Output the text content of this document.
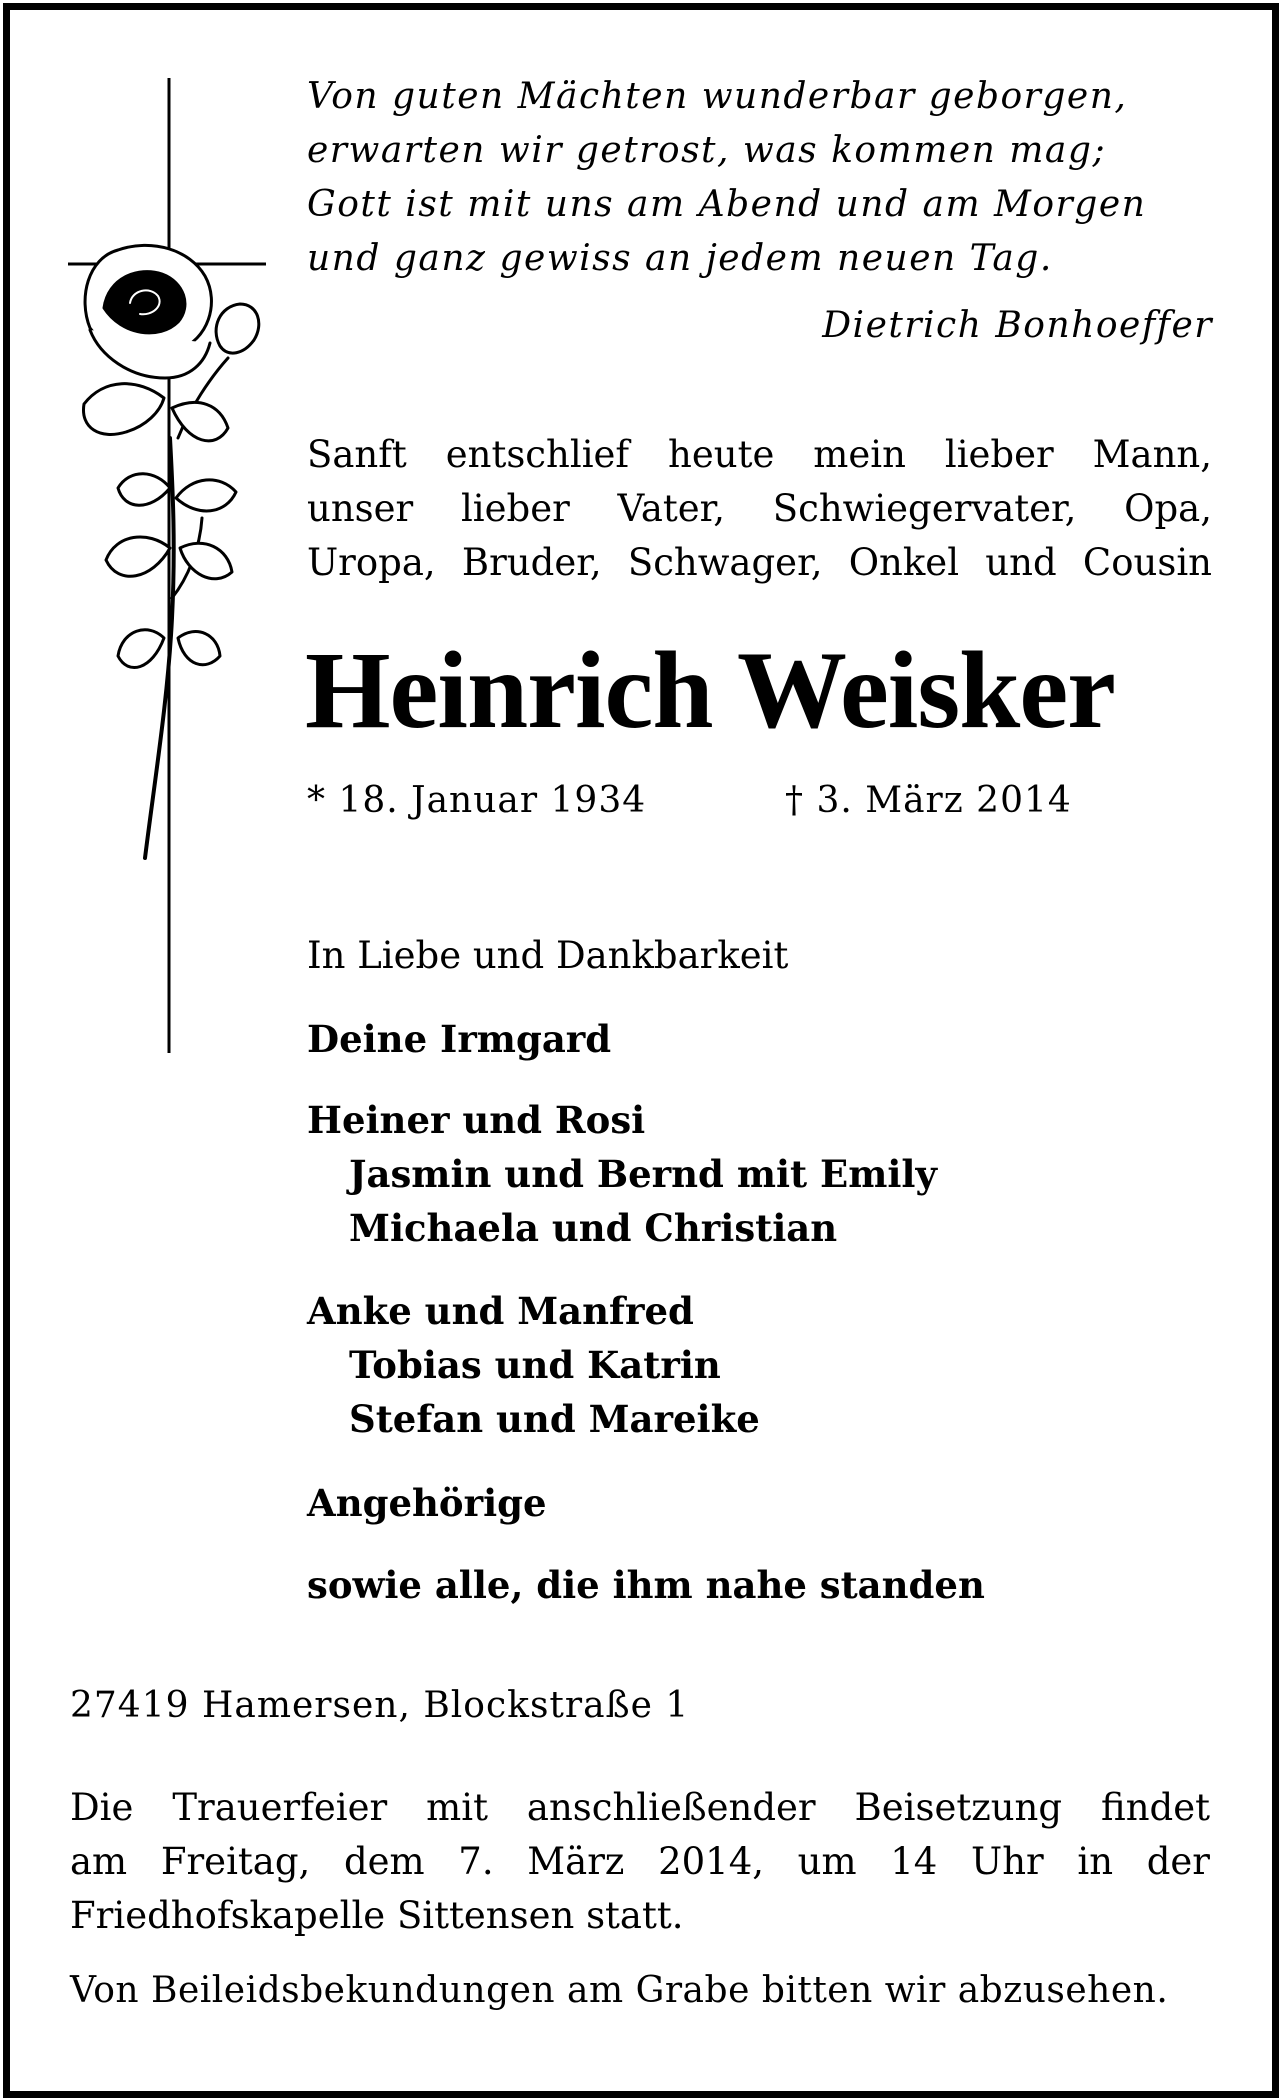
Von guten Mächten wunderbar geborgen,
erwarten wir getrost, was kommen mag;
Gott ist mit uns am Abend und am Morgen
und ganz gewiss an jedem neuen Tag.
Dietrich Bonhoeffer
Sanft entschlief heute mein lieber Mann,
unser lieber Vater, Schwiegervater, Opa,
Uropa, Bruder, Schwager, Onkel und Cousin
Heinrich Weisker
* 18. Januar 1934	† 3. März 2014
In Liebe und Dankbarkeit
Deine Irmgard
Heiner und Rosi
Jasmin und Bernd mit Emily
Michaela und Christian
Anke und Manfred
Tobias und Katrin
Stefan und Mareike
Angehörige
sowie alle, die ihm nahe standen
27419 Hamersen, Blockstraße 1
Die Trauerfeier mit anschließender Beisetzung findet
am Freitag, dem 7. März 2014, um 14 Uhr in der
Friedhofskapelle Sittensen statt.
Von Beileidsbekundungen am Grabe bitten wir abzusehen.
